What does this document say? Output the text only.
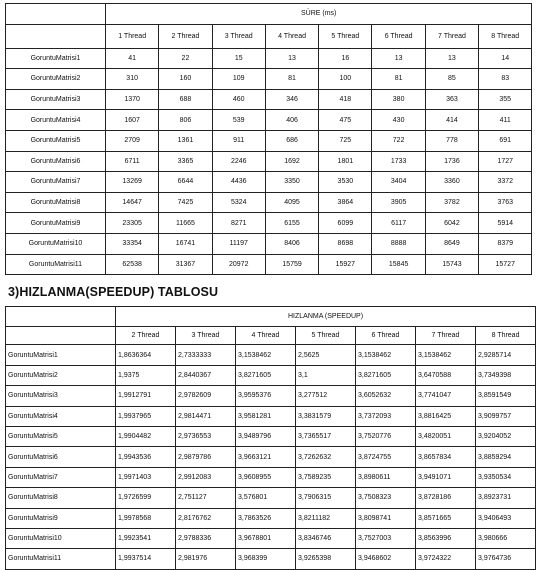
	SÜRE (ms)							
	1 Thread	2 Thread	3 Thread	4 Thread	5 Thread	6 Thread	7 Thread	8 Thread
GoruntuMatrisi1	41	22	15	13	16	13	13	14
GoruntuMatrisi2	310	160	109	81	100	81	85	83
GoruntuMatrisi3	1370	688	460	346	418	380	363	355
GoruntuMatrisi4	1607	806	539	406	475	430	414	411
GoruntuMatrisi5	2709	1361	911	686	725	722	778	691
GoruntuMatrisi6	6711	3365	2246	1692	1801	1733	1736	1727
GoruntuMatrisi7	13269	6644	4436	3350	3530	3404	3360	3372
GoruntuMatrisi8	14647	7425	5324	4095	3864	3905	3782	3763
GoruntuMatrisi9	23305	11665	8271	6155	6099	6117	6042	5914
GoruntuMatrisi10	33354	16741	11197	8406	8698	8888	8649	8379
GoruntuMatrisi11	62538	31367	20972	15759	15927	15845	15743	15727
3)HIZLANMA(SPEEDUP) TABLOSU
	HIZLANMA (SPEEDUP)						
	2 Thread	3 Thread	4 Thread	5 Thread	6 Thread	7 Thread	8 Thread
GoruntuMatrisi1	1,8636364	2,7333333	3,1538462	2,5625	3,1538462	3,1538462	2,9285714
GoruntuMatrisi2	1,9375	2,8440367	3,8271605	3,1	3,8271605	3,6470588	3,7349398
GoruntuMatrisi3	1,9912791	2,9782609	3,9595376	3,277512	3,6052632	3,7741047	3,8591549
GoruntuMatrisi4	1,9937965	2,9814471	3,9581281	3,3831579	3,7372093	3,8816425	3,9099757
GoruntuMatrisi5	1,9904482	2,9736553	3,9489796	3,7365517	3,7520776	3,4820051	3,9204052
GoruntuMatrisi6	1,9943536	2,9879786	3,9663121	3,7262632	3,8724755	3,8657834	3,8859294
GoruntuMatrisi7	1,9971403	2,9912083	3,9608955	3,7589235	3,8980611	3,9491071	3,9350534
GoruntuMatrisi8	1,9726599	2,751127	3,576801	3,7906315	3,7508323	3,8728186	3,8923731
GoruntuMatrisi9	1,9978568	2,8176762	3,7863526	3,8211182	3,8098741	3,8571665	3,9406493
GoruntuMatrisi10	1,9923541	2,9788336	3,9678801	3,8346746	3,7527003	3,8563996	3,980666
GoruntuMatrisi11	1,9937514	2,981976	3,968399	3,9265398	3,9468602	3,9724322	3,9764736
